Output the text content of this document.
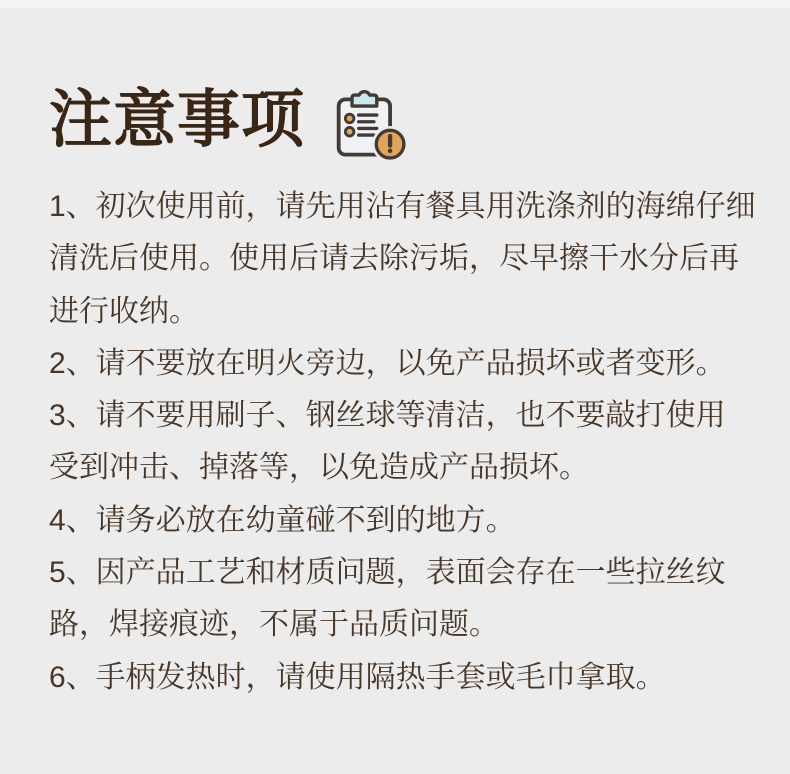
注意事项
1、初次使用前，请先用沾有餐具用洗涤剂的海绵仔细
清洗后使用。使用后请去除污垢，尽早擦干水分后再
进行收纳。
2、请不要放在明火旁边，以免产品损坏或者变形。
3、请不要用刷子、钢丝球等清洁，也不要敲打使用
受到冲击、掉落等，以免造成产品损坏。
4、请务必放在幼童碰不到的地方。
5、因产品工艺和材质问题，表面会存在一些拉丝纹
路，焊接痕迹，不属于品质问题。
6、手柄发热时，请使用隔热手套或毛巾拿取。
